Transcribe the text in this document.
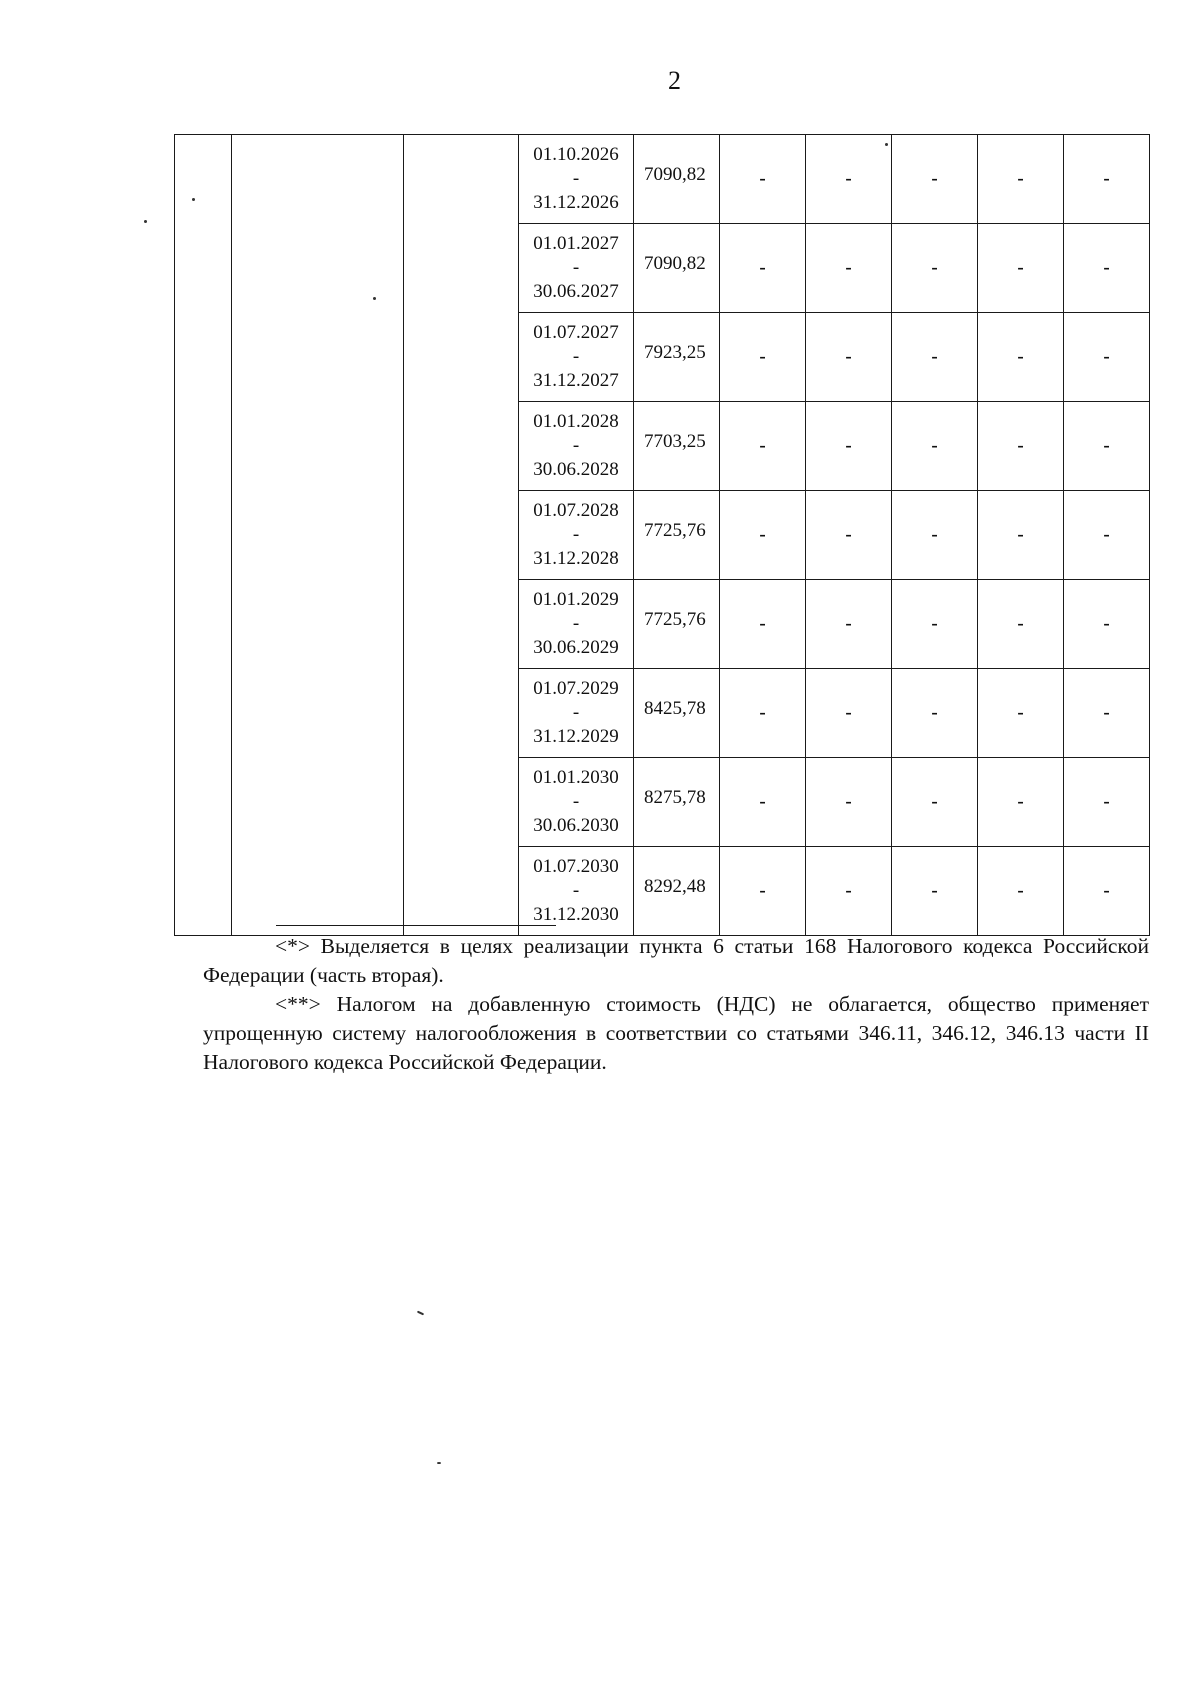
2

			01.10.2026
-
31.12.2026	7090,82	-	-	-	-	-

			01.01.2027
-
30.06.2027	7090,82	-	-	-	-	-

			01.07.2027
-
31.12.2027	7923,25	-	-	-	-	-

			01.01.2028
-
30.06.2028	7703,25	-	-	-	-	-

			01.07.2028
-
31.12.2028	7725,76	-	-	-	-	-

			01.01.2029
-
30.06.2029	7725,76	-	-	-	-	-

			01.07.2029
-
31.12.2029	8425,78	-	-	-	-	-

			01.01.2030
-
30.06.2030	8275,78	-	-	-	-	-

			01.07.2030
-
31.12.2030	8292,48	-	-	-	-	-

<*> Выделяется в целях реализации пункта 6 статьи 168 Налогового кодекса Российской Федерации (часть вторая).

<**> Налогом на добавленную стоимость (НДС) не облагается, общество применяет упрощенную систему налогообложения в соответствии со статьями 346.11, 346.12, 346.13 части II Налогового кодекса Российской Федерации.
